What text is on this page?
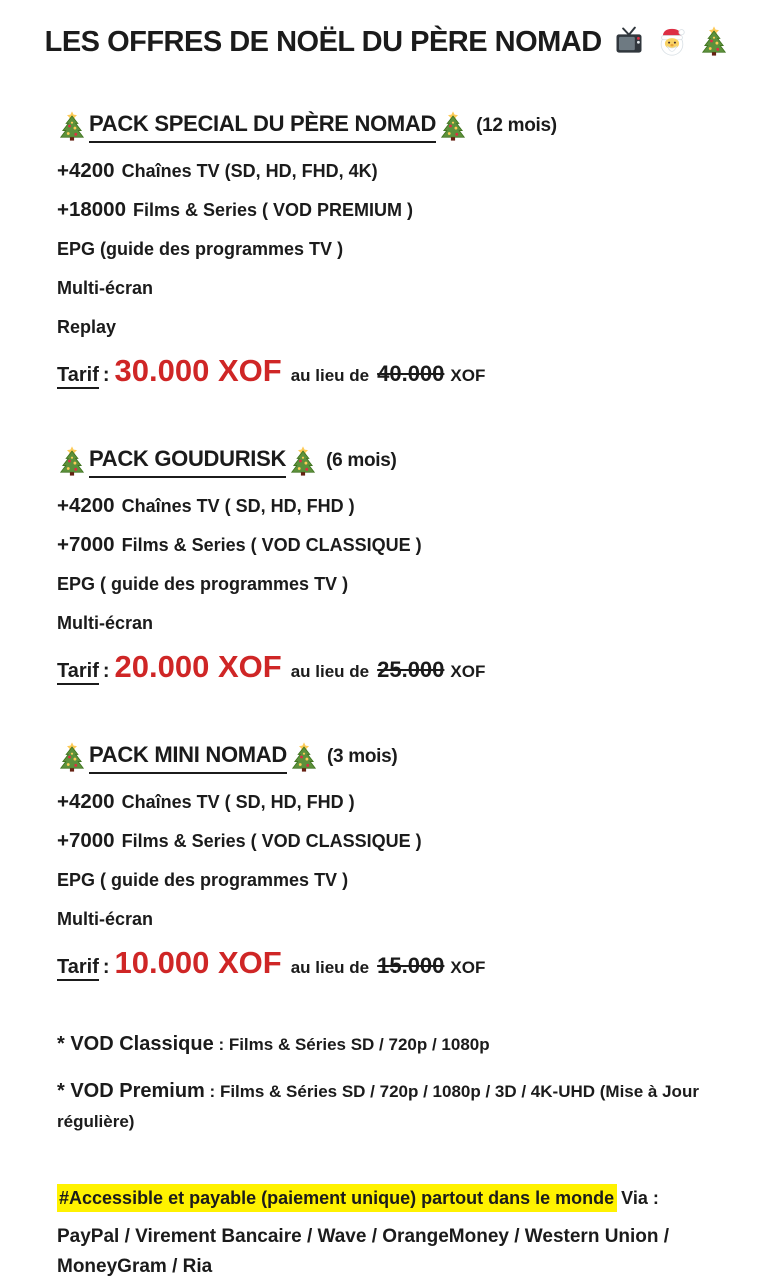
LES OFFRES DE NOËL DU PÈRE NOMAD

PACK SPECIAL DU PÈRE NOMAD (12 mois)

+4200 Chaînes TV (SD, HD, FHD, 4K)

+18000 Films & Series ( VOD PREMIUM )

EPG (guide des programmes TV )

Multi-écran

Replay

Tarif : 30.000 XOF au lieu de 40.000 XOF

PACK GOUDURISK (6 mois)

+4200 Chaînes TV ( SD, HD, FHD )

+7000 Films & Series ( VOD CLASSIQUE )

EPG ( guide des programmes TV )

Multi-écran

Tarif : 20.000 XOF au lieu de 25.000 XOF

PACK MINI NOMAD (3 mois)

+4200 Chaînes TV ( SD, HD, FHD )

+7000 Films & Series ( VOD CLASSIQUE )

EPG ( guide des programmes TV )

Multi-écran

Tarif : 10.000 XOF au lieu de 15.000 XOF

* VOD Classique : Films & Séries SD / 720p / 1080p

* VOD Premium : Films & Séries SD / 720p / 1080p / 3D / 4K-UHD (Mise à Jour régulière)

#Accessible et payable (paiement unique) partout dans le monde Via :

PayPal / Virement Bancaire / Wave / OrangeMoney / Western Union / MoneyGram / Ria
